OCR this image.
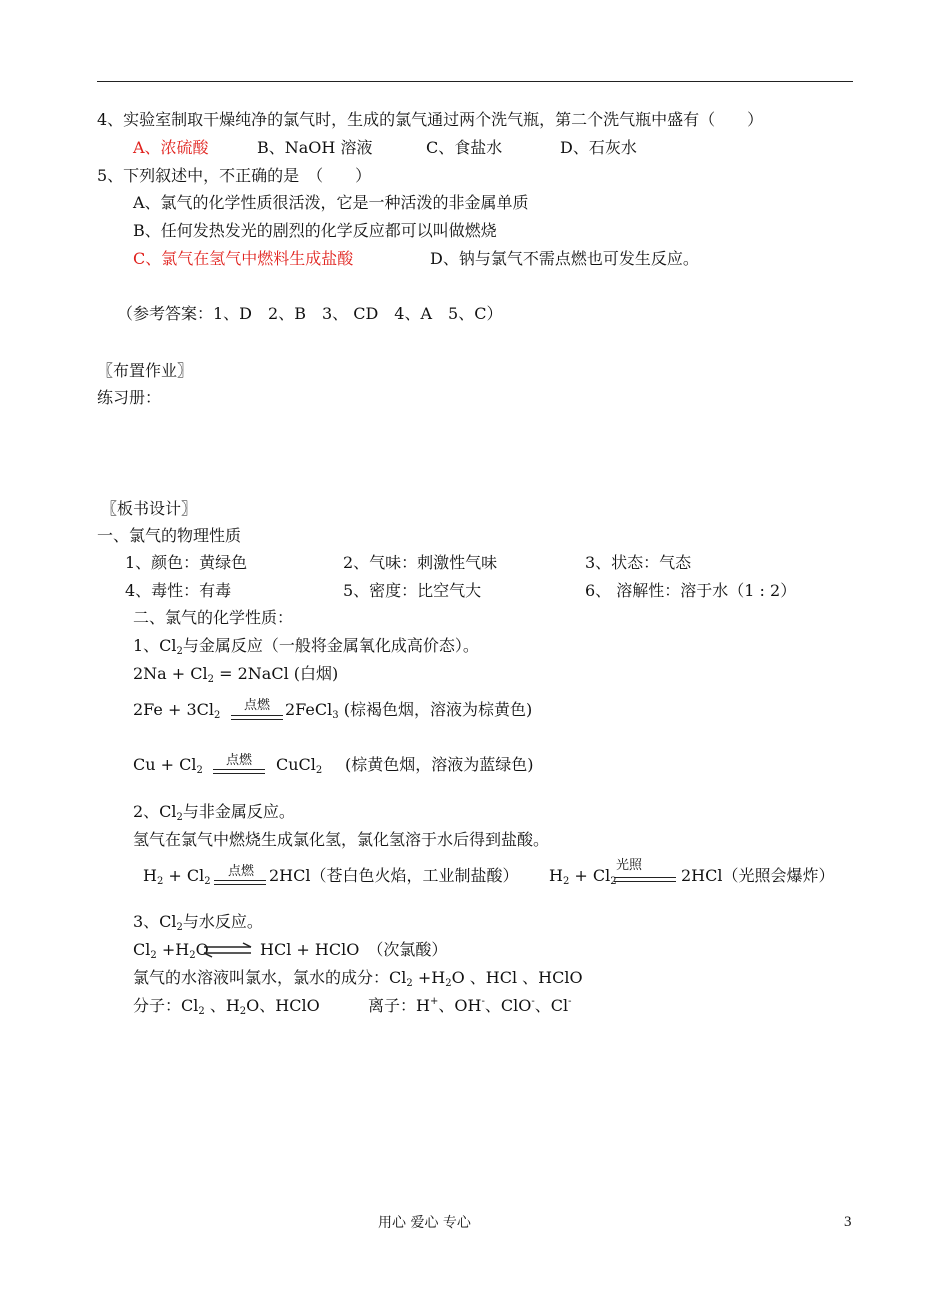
4、实验室制取干燥纯净的氯气时，生成的氯气通过两个洗气瓶，第二个洗气瓶中盛有（　　）
A、浓硫酸	B、NaOH 溶液	C、食盐水	D、石灰水
5、下列叙述中，不正确的是　（　　）
A、氯气的化学性质很活泼，它是一种活泼的非金属单质
B、任何发热发光的剧烈的化学反应都可以叫做燃烧
C、氯气在氢气中燃料生成盐酸	D、钠与氯气不需点燃也可发生反应。
（参考答案：1、D　2、B　3、 CD　4、A　5、C）
〖布置作业〗
练习册：
〖板书设计〗
一、氯气的物理性质
1、颜色：黄绿色	2、气味：刺激性气味	3、状态：气态
4、毒性：有毒	5、密度：比空气大	6、 溶解性：溶于水（1 : 2）
二、氯气的化学性质：
1、$Cl_2$与金属反应（一般将金属氧化成高价态）。
$2Na + Cl_2$ = 2NaCl (白烟)
$2Fe + 3Cl_2$
点燃 2FeCl$_3$ (棕褐色烟，溶液为棕黄色)
$Cu + Cl_2$
点燃 CuCl$_2$ (棕黄色烟，溶液为蓝绿色)
2、$Cl_2$与非金属反应。
氢气在氯气中燃烧生成氯化氢，氯化氢溶于水后得到盐酸。
$H_2 + Cl_2$
点燃 2HCl（苍白色火焰，工业制盐酸） $H_2 + Cl_2$
光照
2HCl（光照会爆炸）
3、$Cl_2$与水反应。
$Cl_2 +H_2O$ ⇌ HCl + HClO　（次氯酸）
氯气的水溶液叫氯水，氯水的成分：$Cl_2 +H_2O$ 、HCl 、HClO
分子：$Cl_2$ 、$H_2O$、HClO	离子：H+、OH-、ClO-、Cl-
用心 爱心 专心	3
